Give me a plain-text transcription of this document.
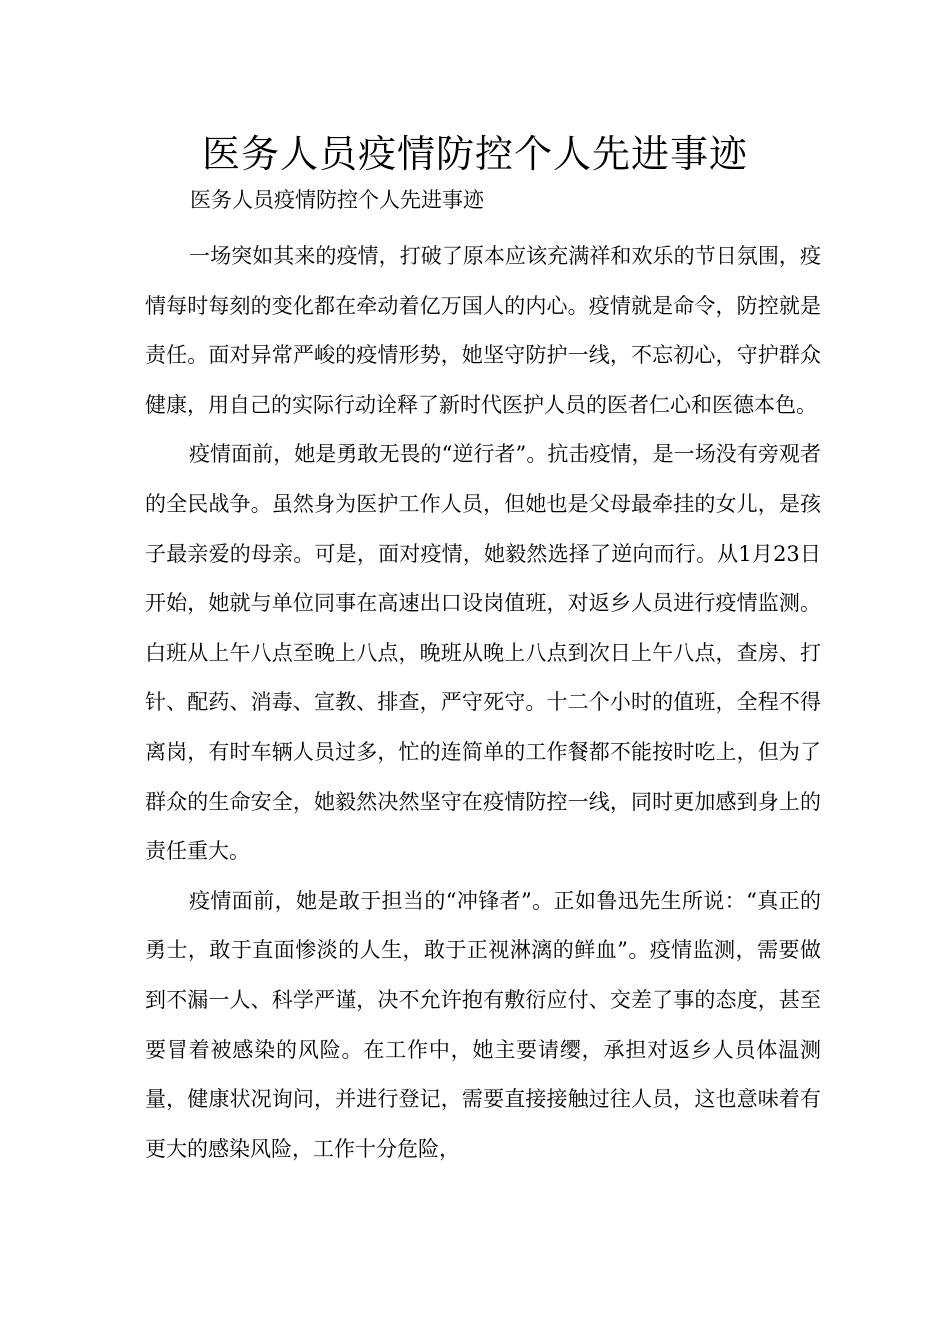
医务人员疫情防控个人先进事迹
医务人员疫情防控个人先进事迹

一场突如其来的疫情，打破了原本应该充满祥和欢乐的节日氛围，疫情每时每刻的变化都在牵动着亿万国人的内心。疫情就是命令，防控就是责任。面对异常严峻的疫情形势，她坚守防护一线，不忘初心，守护群众健康，用自己的实际行动诠释了新时代医护人员的医者仁心和医德本色。

疫情面前，她是勇敢无畏的“逆行者”。抗击疫情，是一场没有旁观者的全民战争。虽然身为医护工作人员，但她也是父母最牵挂的女儿，是孩子最亲爱的母亲。可是，面对疫情，她毅然选择了逆向而行。从1月23日开始，她就与单位同事在高速出口设岗值班，对返乡人员进行疫情监测。白班从上午八点至晚上八点，晚班从晚上八点到次日上午八点，查房、打针、配药、消毒、宣教、排查，严守死守。十二个小时的值班，全程不得离岗，有时车辆人员过多，忙的连简单的工作餐都不能按时吃上，但为了群众的生命安全，她毅然决然坚守在疫情防控一线，同时更加感到身上的责任重大。

疫情面前，她是敢于担当的“冲锋者”。正如鲁迅先生所说：“真正的勇士，敢于直面惨淡的人生，敢于正视淋漓的鲜血”。疫情监测，需要做到不漏一人、科学严谨，决不允许抱有敷衍应付、交差了事的态度，甚至要冒着被感染的风险。在工作中，她主要请缨，承担对返乡人员体温测量，健康状况询问，并进行登记，需要直接接触过往人员，这也意味着有更大的感染风险，工作十分危险，
